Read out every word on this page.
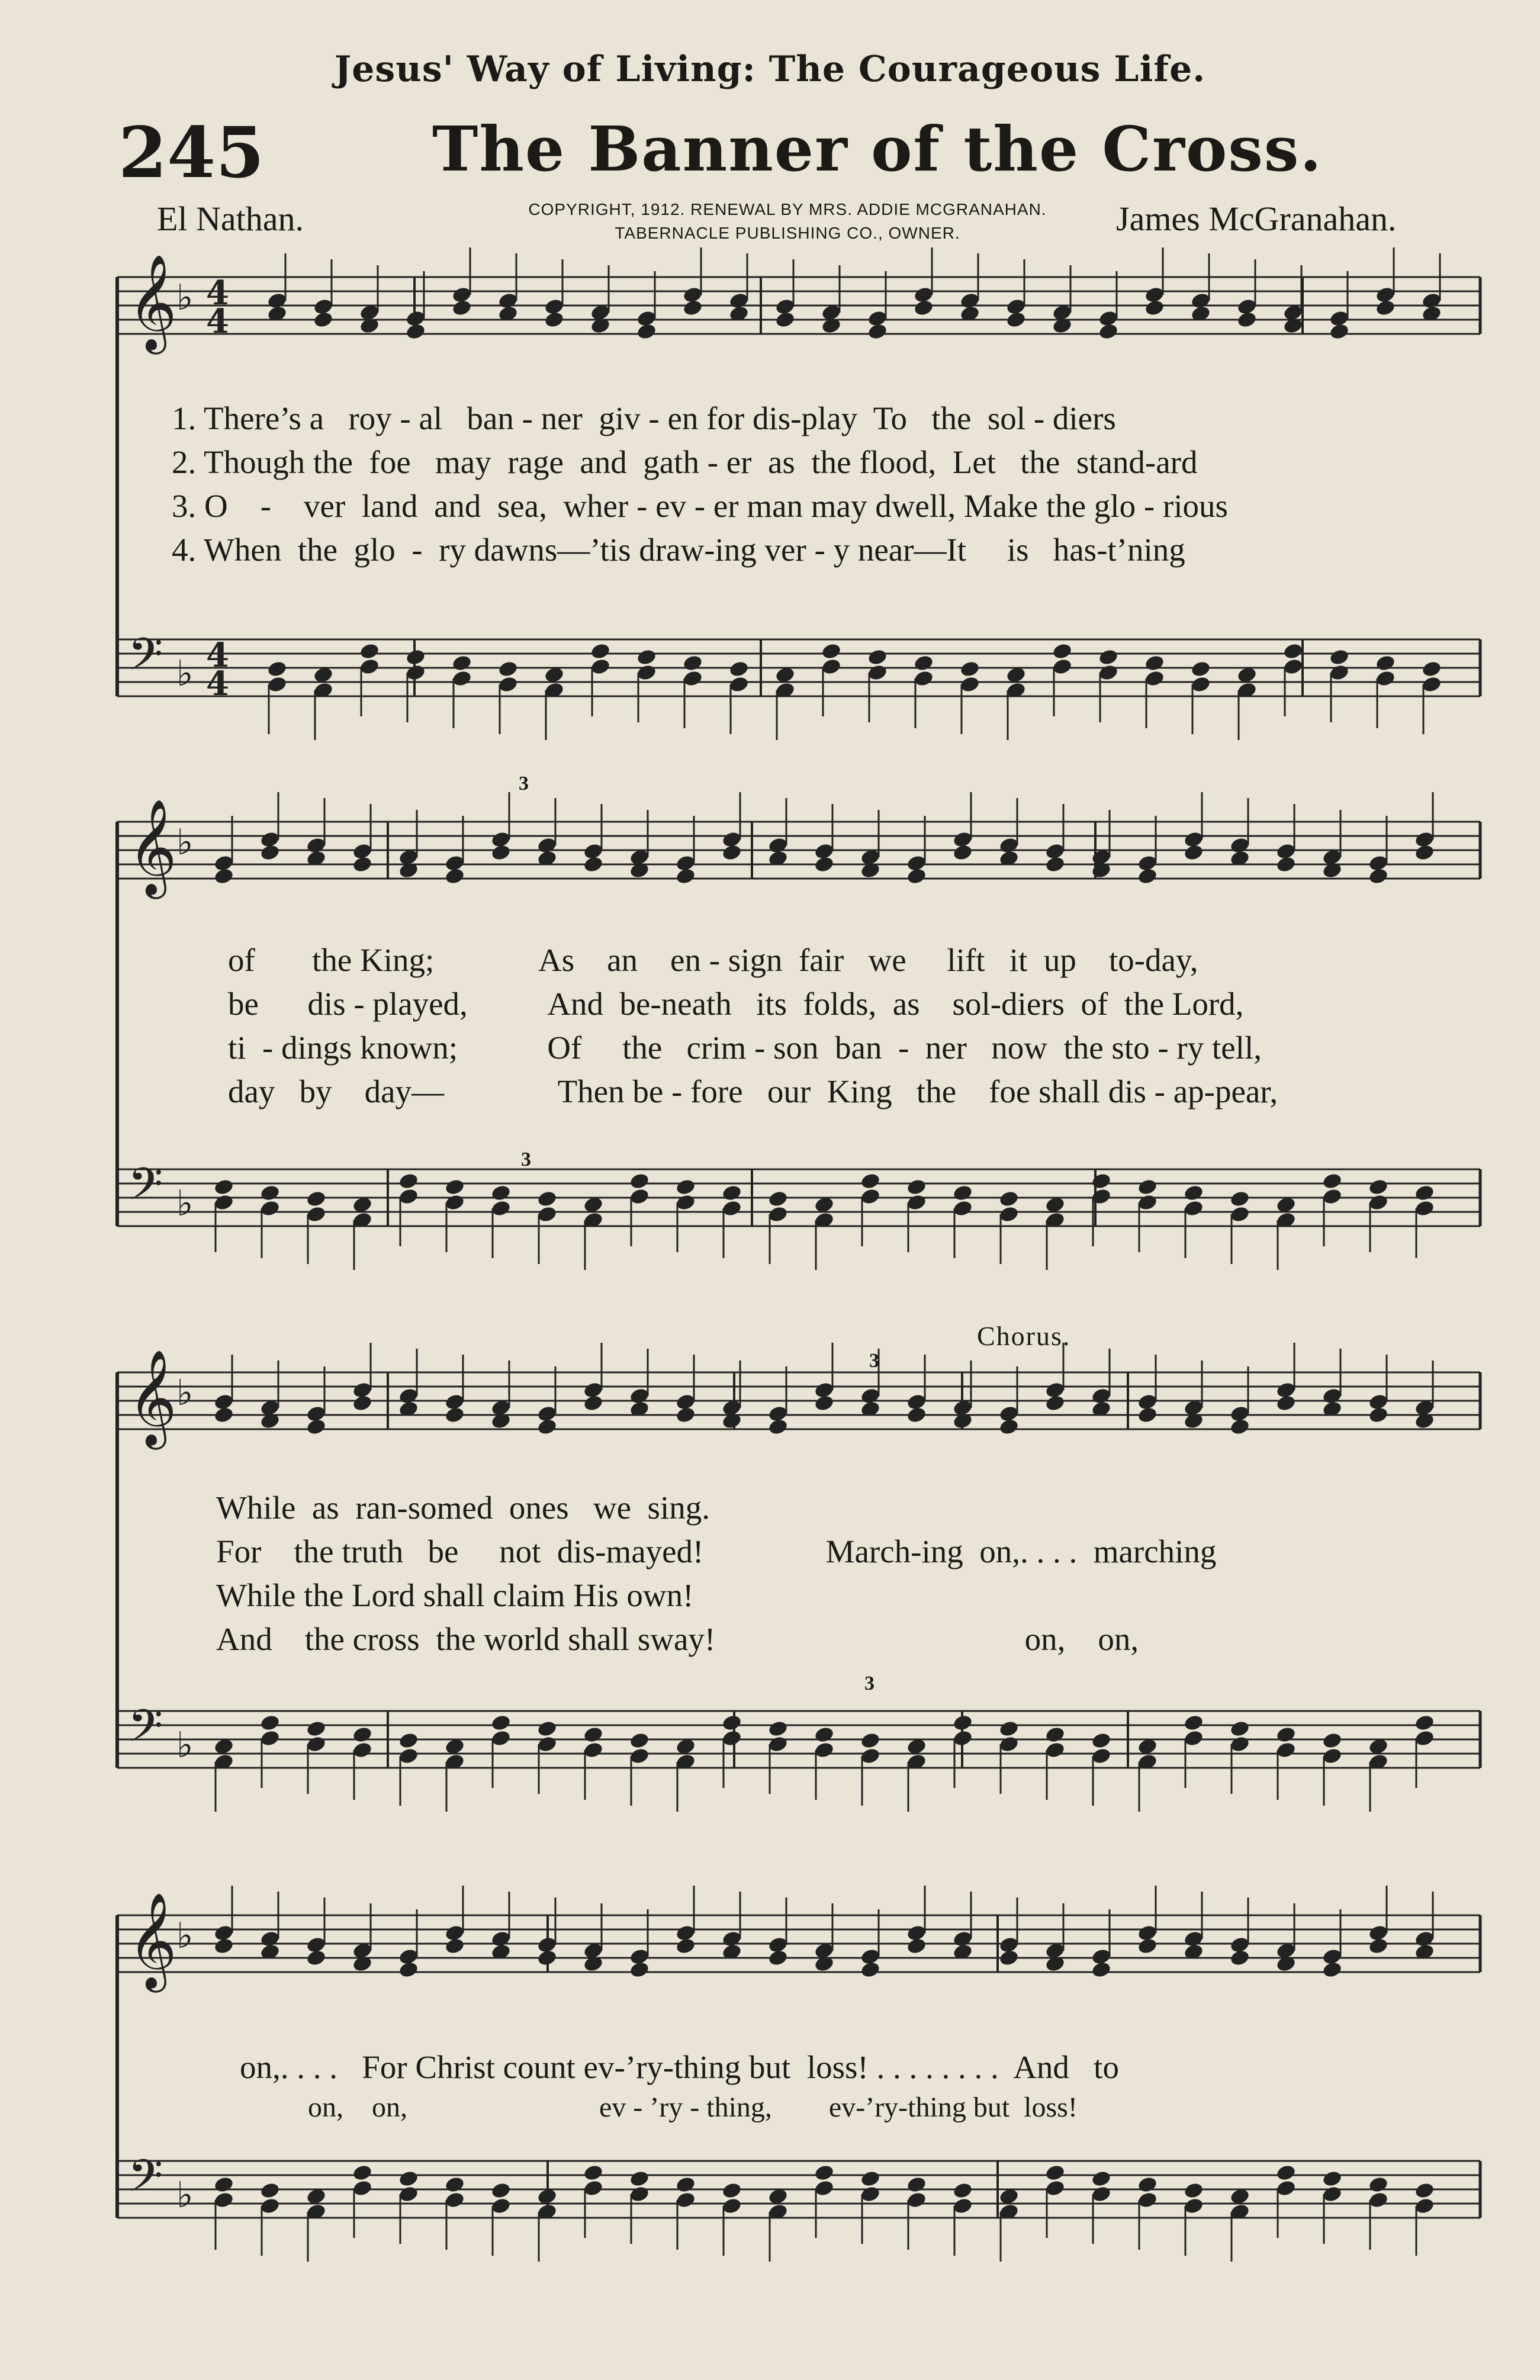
Jesus' Way of Living: The Courageous Life.
245	The Banner of the Cross.
El Nathan.	COPYRIGHT, 1912. RENEWAL BY MRS. ADDIE MCGRANAHAN.
TABERNACLE PUBLISHING CO., OWNER.	James McGranahan.
𝄞 ♭ 4
4
𝄢 ♭ 4
4
𝄞 ♭
𝄢 ♭
𝄞 ♭
𝄢 ♭
𝄞 ♭
𝄢 ♭
1. There’s a   roy - al   ban - ner  giv - en for dis-play  To   the  sol - diers
2. Though the  foe   may  rage  and  gath - er  as  the flood,  Let   the  stand-ard
3. O    -    ver  land  and  sea,  wher - ev - er man may dwell, Make the glo - rious
4. When  the  glo  -  ry dawns—’tis draw-ing ver - y near—It     is   has-t’ning
of       the King;             As    an    en - sign  fair   we     lift   it  up    to-day,
be      dis - played,          And  be-neath   its  folds,  as    sol-diers  of  the Lord,
ti  - dings known;           Of     the   crim - son  ban  -  ner   now  the sto - ry tell,
day   by    day—              Then be - fore   our  King   the    foe shall dis - ap-pear,
While  as  ran-somed  ones   we  sing.
For    the truth   be     not  dis-mayed!               March-ing  on,. . . .  marching
While the Lord shall claim His own!
And    the cross  the world shall sway!                                      on,    on,
on,. . . .   For Christ count ev-’ry-thing but  loss! . . . . . . . .  And   to
on,    on,                           ev - ’ry - thing,        ev-’ry-thing but  loss!
Chorus.
3
3
3
3
